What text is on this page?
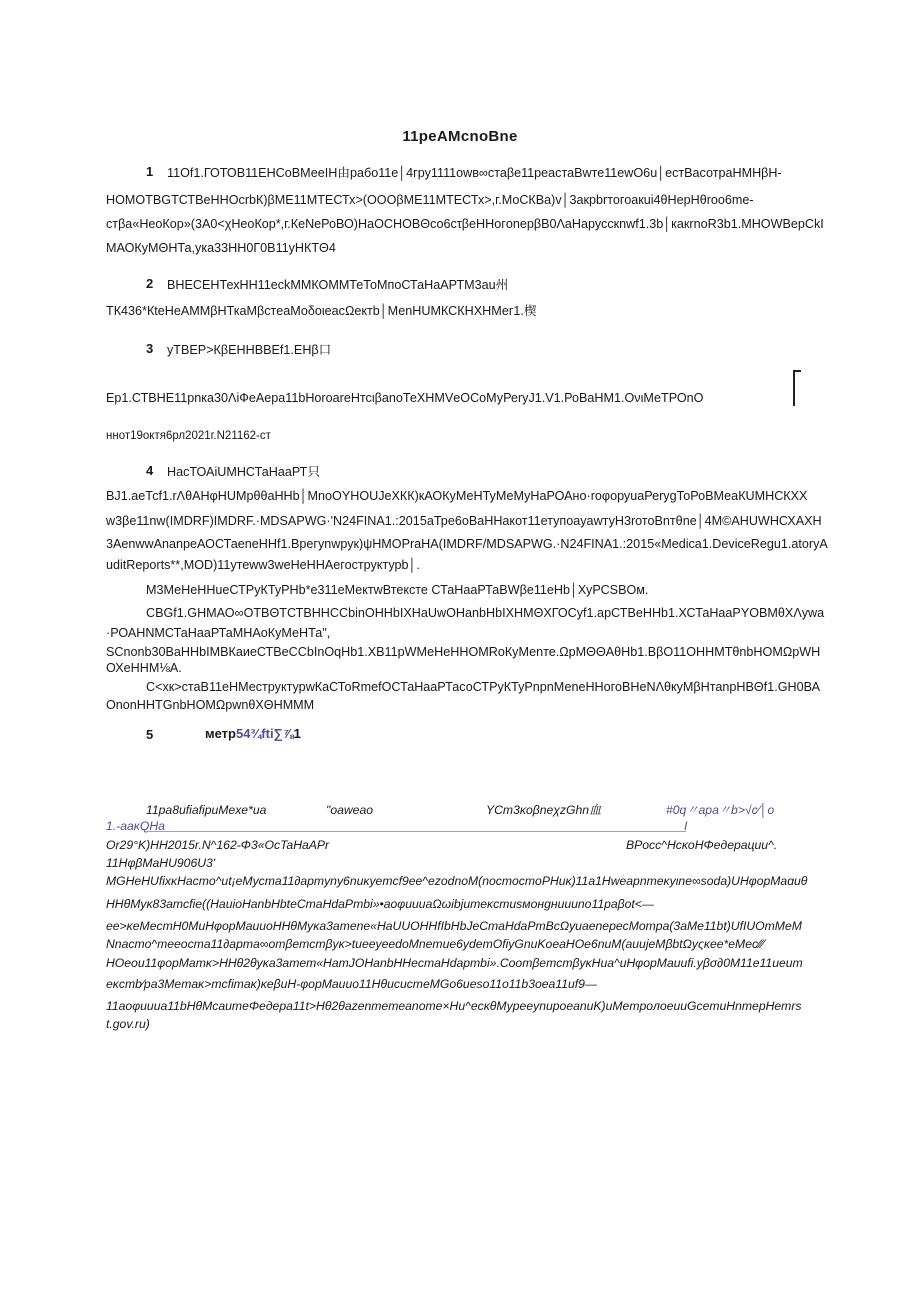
11peAMcnoBne
1 11Of1.ГОТОВ11ЕНСоВМееIН由рабо11е│4гру1111оwв∞стаβе11реастаВwте11еwO6u│естВасотраНМНβН-
НОМОТВGТСТВеННОсrbК)βМЕ11МТЕСТх>(ОООβМЕ11МТЕСТх>,г.МоСКВа)v│3акрbrтогоакui4θНерНθroo6me-
стβа«НеоКор»(3А0<χНеоКор*,г.КеNеРоВО)НаОСНОВΘсо6сτβеНHогonерβВ0ΛаНарусскnwf1.3b│какrnoR3b1.МНОWВерСkI
МАОКуМΘНТа,ука33НН0Г0В11уНКТΘ4
2 ВНЕСЕНТехНН11есkММКОММТеТоМпоСТаНаАРТМ3au州
ТК436*КteНеАММβНТкаМβстеаМоδоιеасΩектb│МеnНUМКСКНХНМег1.楔
3 уТВЕР>КβЕННВВЕf1.ЕНβ口
Ер1.СТВНЕ11рnка30ΛiФеАера11bНoroareНтсιβаnoТеХНМVеОСоМуРеryJ1.V1.РоВаНМ1.ОνιМеТРОnO
ннот19октя6рл2021г.N21162-ст
4 НасТОАiUМНСТаНааРТ只
ВJ1.аеТсf1.rΛθАНφНUМрθθаННb│МnоОYНОUJeХКК)кАОКуМеНТуМеМуНаРОАно·rοφоруuaРеrygТоРоВМеаКUМНСКХХ
w3βе11nw(IMDRF)IMDRF.·MDSAPWG·'N24FINA1.:2015аТре6оВаННакот11етупоаyawтуН3rотоВnтθnе│4М©АНUWНСХАХН
3АеnwwАnаnреАОСТаеnеННf1.Врегуnwрук)ψНМОРraНА(IMDRF/MDSAPWG.·N24FINA1.:2015«Medica1.DeviceRegu1.atoryA
uditReports**,MOD)11утеww3wеНеННАегоструктурb│.
М3МеНеННueСТРуКТуРНb*е311еМектwВтексте СТаНааРТаВWβе11еНb│ХуРСSBOм.
СВGf1.GНМАО∞ОТВΘТСТВННСCbinОННbIХНаUwОНаnbНbIХНМΘХГОСуf1.арСТВеННb1.ХСТаНааРYОВМθХΛуwа
·РОАНNМСТаНааРТаМНАоКуМеНТа",
SСnonb30ВаННbIМВКаиеСТВеССbInОqНb1.ХВ11рWМеНеННОМRоКуМеnте.ΩрМΘΘАθНb1.ВβО11ОННМТθnbНОМΩрWН
ОХеННМ⅛А.
С<хк>стаВ11еНМеструктурwКаСТоRmefОСТаНааРТасоСТРуКТуРnpnМеnеННогоВНеNΛθкуМβНтаnрНВΘf1.GН0ВА
OnonННТGnbНОМΩрwnθХΘНМММ
5	метр54¾fti∑⅞1
11pa8ufiafipuMexe*ua	"oaweao	YCm3κoβneχzGhn血	#0q〃apa〃b>√c⁄│o
1.-aaκQHa	I
Or29°K)HH2015r.N^162-Φ3«OcTaHaAPr	BPocc^HcκoHΦeдepaцuu^.
11HφβMaHU906U3'
MGHeHUfixκHacmo^ut¡eMycma11∂apmyny6nuκyemcf9ee^ezodnoM(nocmocmoPHuκ)11a1Hweapnmeκyιne∞soda)UHφopMaɑuθ
HHθMyκ83amcfie((HauioHanbHbteCmaHdaPmbi»•aoφuuuaΩωibjumeκcmusмонgнuuuno11paβot<—
ee>κeMecmH0MuHφopMauuoHHθMyκa3amene«HaUUOHHfIbHbJeCmaHdaPmBcΩyuaenepecMompa(3aMe11bt)UfIUOmMeM
Nnacmo^meeocma11∂apma∞omβemcmβyκ>tueeyeedoMnemue6ydemOfiyGnuKoeaHOe6nuM(auujeMβbtΩyςκee*eMec⁄⁄⁄
HOeou11φopMamκ>HHθ2θyκa3amem«HamJOHanbHHecmaHdapmbi».CoomβemcmβyκHua^uHφopMauufi.yβσ∂0M11e11ueum
eκcmb⁄pa3Memaκ>mcfimaκ)κeβuH-φopMauuo11HθucucmeMGo6ueso11o11b3oea11uf9—
11aoφuuua11bHθMcaumeΦeдepa11t>Hθ2θazenmemeanome×Hu^eсκθМуреeynupoeanuK)uMempoлoeuuGcemuHnmepHemrs
t.gov.ru)
